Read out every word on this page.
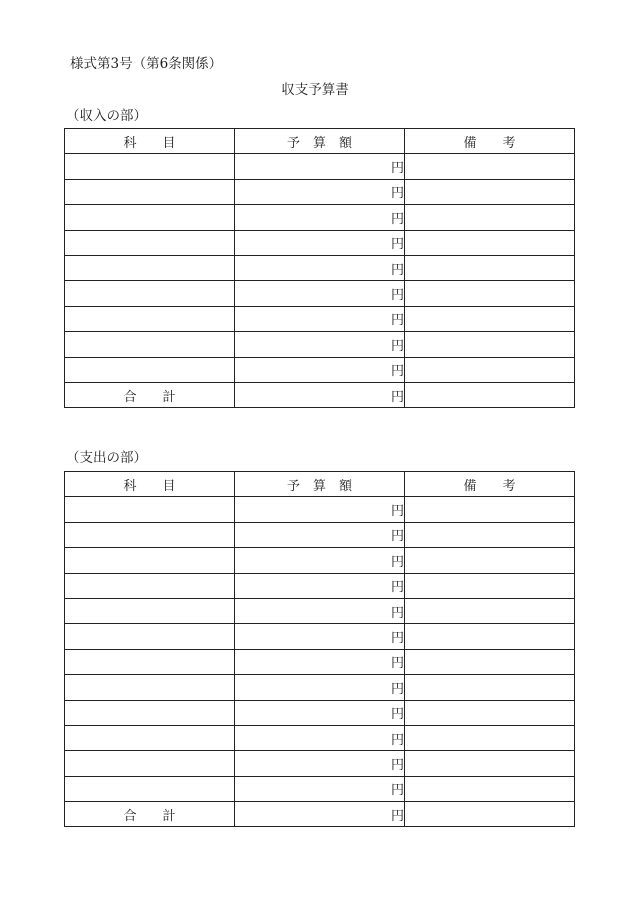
様式第3号（第6条関係）
収支予算書
（収入の部）
科　　目	予　算　額	備　　考
	円	
	円	
	円	
	円	
	円	
	円	
	円	
	円	
	円	
合　　計	円	
（支出の部）
科　　目	予　算　額	備　　考
	円	
	円	
	円	
	円	
	円	
	円	
	円	
	円	
	円	
	円	
	円	
	円	
合　　計	円	
